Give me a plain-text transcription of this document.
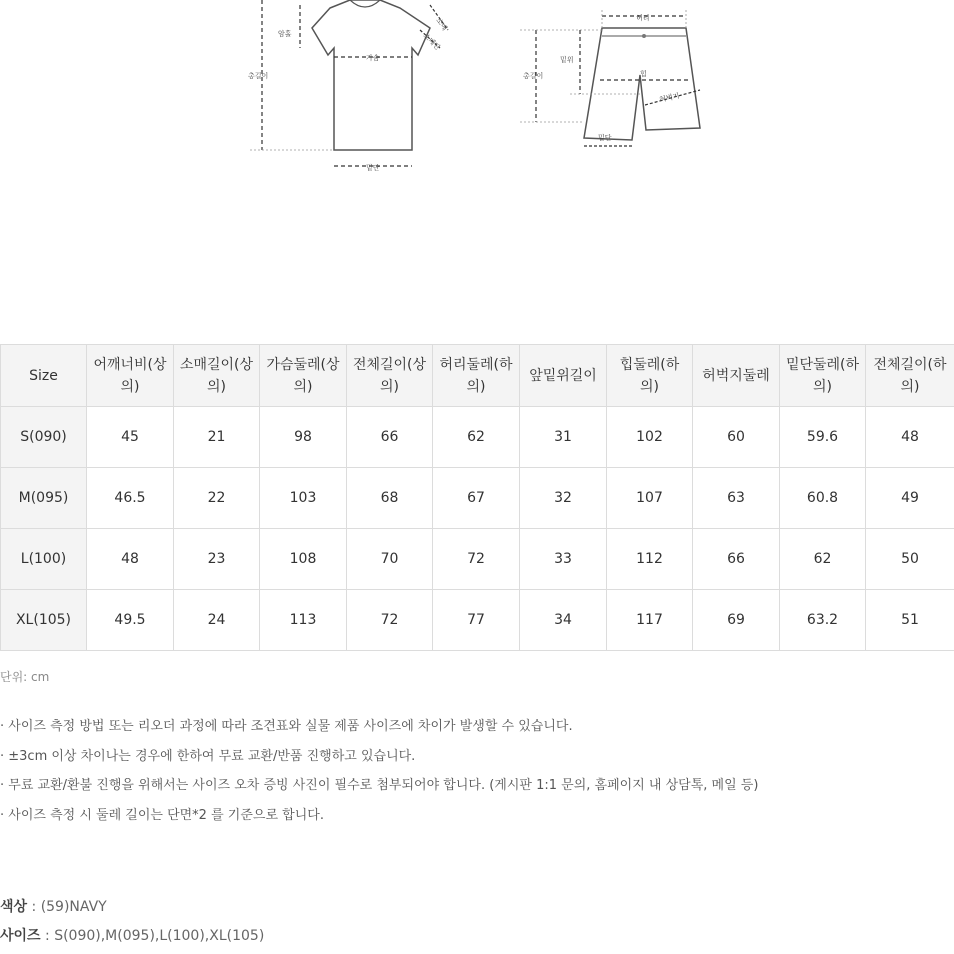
총길이
암홀
가슴
소매
소매단
밑단
허리
총길이
밑위
힙
허벅지
밑단
Size	어깨너비(상의)	소매길이(상의)	가슴둘레(상의)	전체길이(상의)	허리둘레(하의)	앞밑위길이	힙둘레(하의)	허벅지둘레	밑단둘레(하의)	전체길이(하의)
S(090)	45	21	98	66	62	31	102	60	59.6	48
M(095)	46.5	22	103	68	67	32	107	63	60.8	49
L(100)	48	23	108	70	72	33	112	66	62	50
XL(105)	49.5	24	113	72	77	34	117	69	63.2	51
단위: cm
· 사이즈 측정 방법 또는 리오더 과정에 따라 조견표와 실물 제품 사이즈에 차이가 발생할 수 있습니다.
· ±3cm 이상 차이나는 경우에 한하여 무료 교환/반품 진행하고 있습니다.
· 무료 교환/환불 진행을 위해서는 사이즈 오차 증빙 사진이 필수로 첨부되어야 합니다. (게시판 1:1 문의, 홈페이지 내 상담톡, 메일 등)
· 사이즈 측정 시 둘레 길이는 단면*2 를 기준으로 합니다.
색상 : (59)NAVY
사이즈 : S(090),M(095),L(100),XL(105)
